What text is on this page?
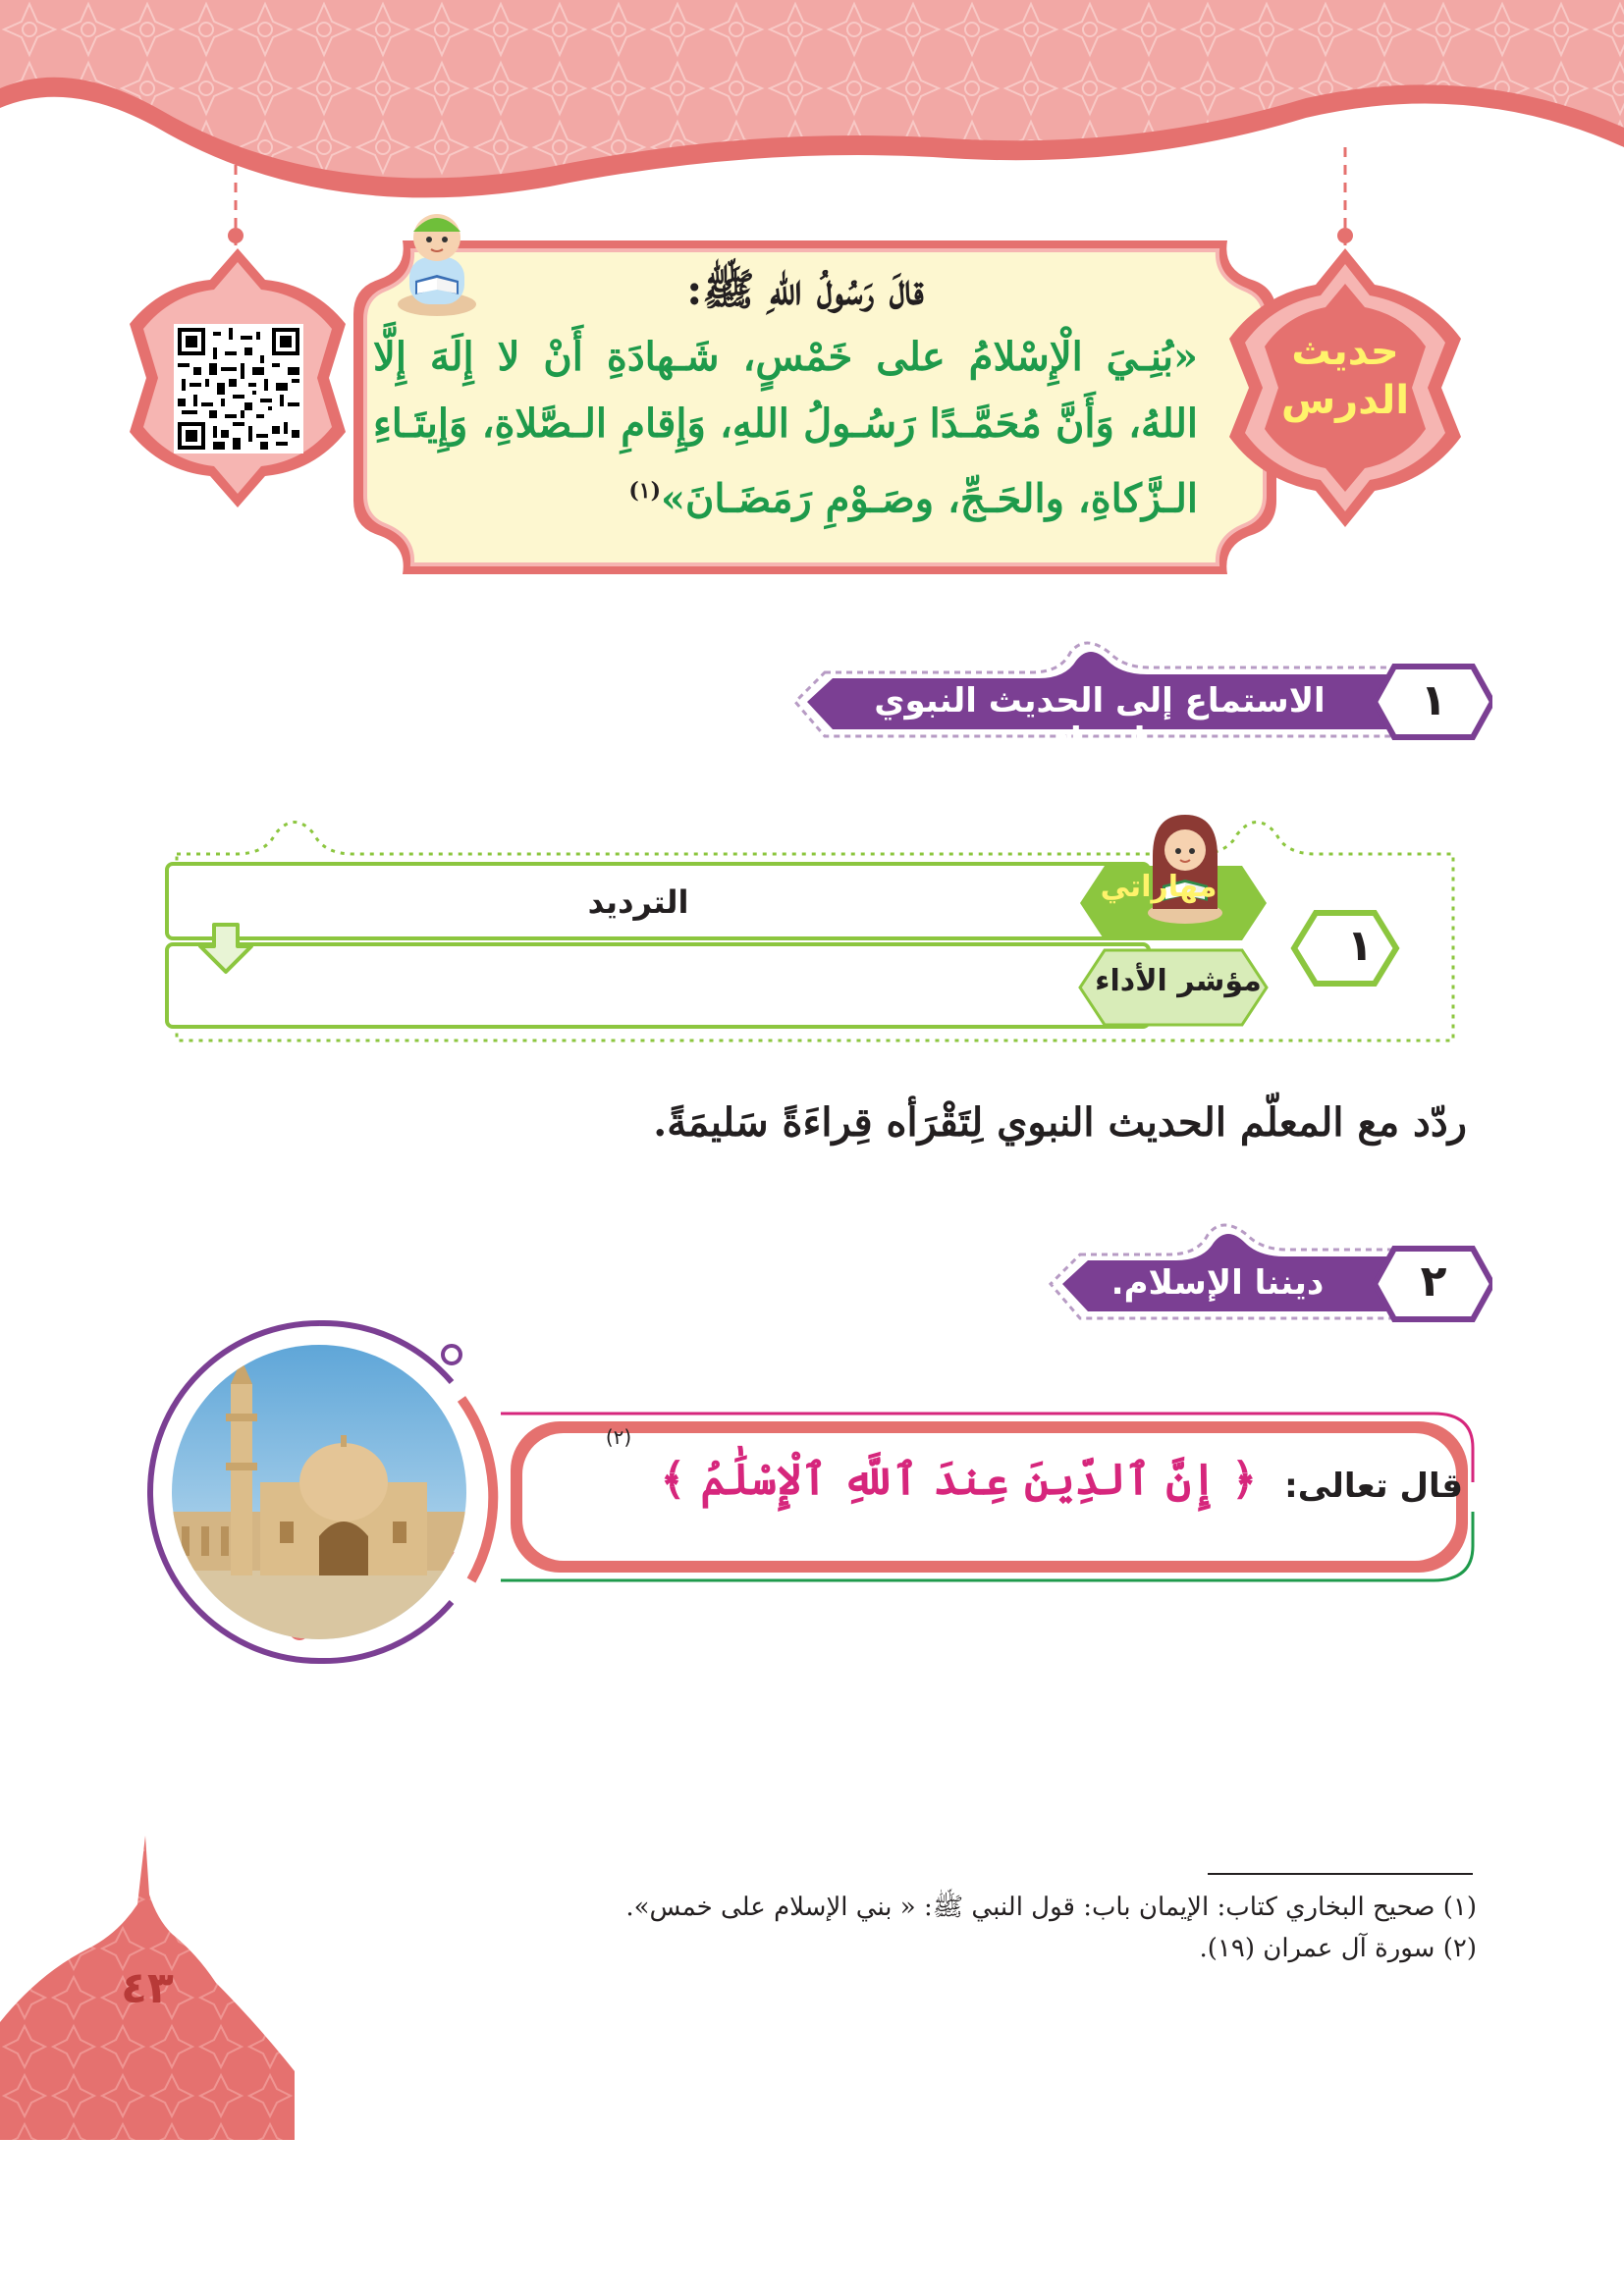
قالَ رَسُولُ اللهِ ﷺ:
«بُنِـيَ الْإِسْلامُ على خَمْسٍ، شَـهادَةِ أَنْ لا إِلَهَ إِلَّا اللهُ، وَأَنَّ مُحَمَّـدًا رَسُـولُ اللهِ، وَإِقامِ الـصَّلاةِ، وَإِيتَـاءِ الـزَّكاةِ، والحَـجِّ، وصَـوْمِ رَمَضَـانَ»$^{(١)}$
حديث
الدرس
الاستماع إلى الحديث النبوي بإصغاء.
١
مهاراتي
الترديد
مؤشر الأداء
١
ردّد مع المعلّم الحديث النبوي لِتَقْرَأه قِراءَةً سَليمَةً.
ديننا الإسلام.	٢
قال تعالى:
﴿ إِنَّ ٱلدِّينَ عِندَ ٱللَّهِ ٱلْإِسْلَٰمُ ﴾
(٢)
(١) صحيح البخاري كتاب: الإيمان باب: قول النبي ﷺ: « بني الإسلام على خمس».
(٢) سورة آل عمران (١٩).
٤٣
